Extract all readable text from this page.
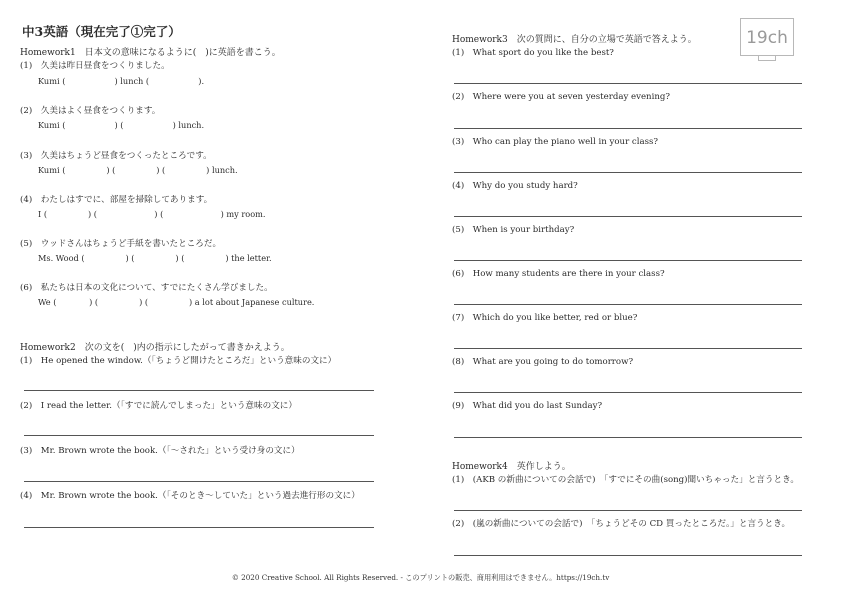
中3英語（現在完了①完了）	19ch
Homework1　日本文の意味になるように(　)に英語を書こう。
(1)　久美は昨日昼食をつくりました。
Kumi (　　　　　　) lunch (　　　　　　).
(2)　久美はよく昼食をつくります。
Kumi (　　　　　　) (　　　　　　) lunch.
(3)　久美はちょうど昼食をつくったところです。
Kumi (　　　　　) (　　　　　) (　　　　　) lunch.
(4)　わたしはすでに、部屋を掃除してあります。
I (　　　　　) (　　　　　　　) (　　　　　　　) my room.
(5)　ウッドさんはちょうど手紙を書いたところだ。
Ms. Wood (　　　　　) (　　　　　) (　　　　　) the letter.
(6)　私たちは日本の文化について、すでにたくさん学びました。
We (　　　　) (　　　　　) (　　　　　) a lot about Japanese culture.
Homework2　次の文を(　)内の指示にしたがって書きかえよう。
(1)　He opened the window.（「ちょうど開けたところだ」という意味の文に）
(2)　I read the letter.（「すでに読んでしまった」という意味の文に）
(3)　Mr. Brown wrote the book.（「～された」という受け身の文に）
(4)　Mr. Brown wrote the book.（「そのとき～していた」という過去進行形の文に）
Homework3　次の質問に、自分の立場で英語で答えよう。
(1)　What sport do you like the best?
(2)　Where were you at seven yesterday evening?
(3)　Who can play the piano well in your class?
(4)　Why do you study hard?
(5)　When is your birthday?
(6)　How many students are there in your class?
(7)　Which do you like better, red or blue?
(8)　What are you going to do tomorrow?
(9)　What did you do last Sunday?
Homework4　英作しよう。
(1)　(AKB の新曲についての会話で)　「すでにその曲(song)聞いちゃった」と言うとき。
(2)　(嵐の新曲についての会話で)　「ちょうどその CD 買ったところだ。」と言うとき。
© 2020 Creative School. All Rights Reserved. - このプリントの販売、商用利用はできません。https://19ch.tv
